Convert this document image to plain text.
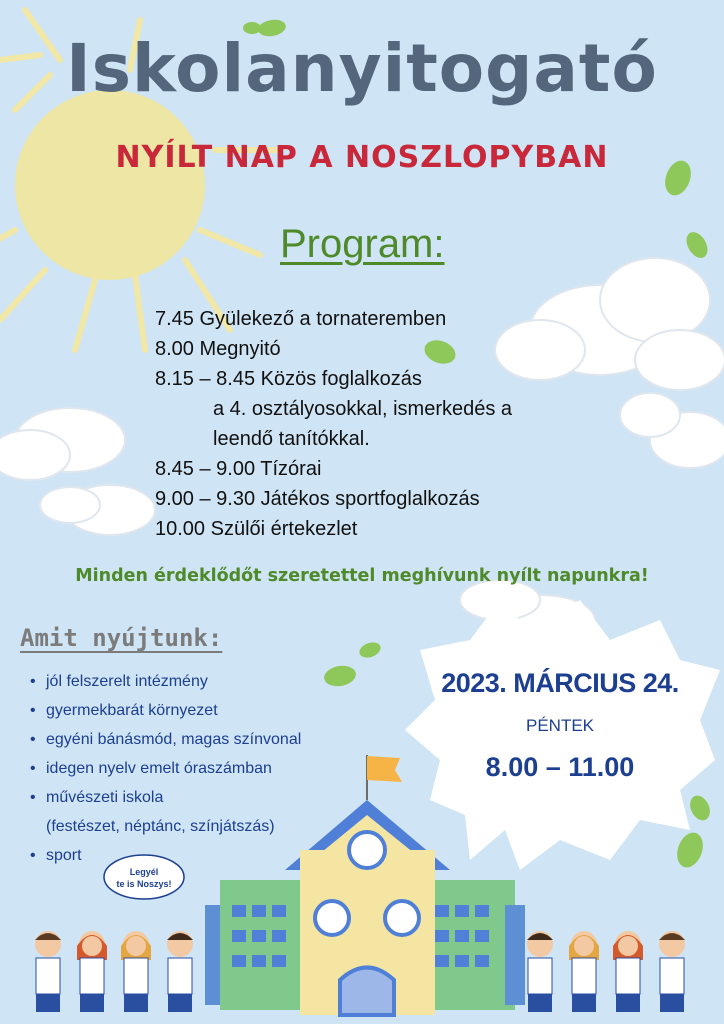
Iskolanyitogató
NYÍLT NAP A NOSZLOPYBAN
Program:
7.45 Gyülekező a tornateremben
8.00 Megnyitó
8.15 – 8.45 Közös foglalkozás
a 4. osztályosokkal, ismerkedés a
leendő tanítókkal.
8.45 – 9.00 Tízórai
9.00 – 9.30 Játékos sportfoglalkozás
10.00 Szülői értekezlet
Minden érdeklődőt szeretettel meghívunk nyílt napunkra!
Amit nyújtunk:
• jól felszerelt intézmény
• gyermekbarát környezet
• egyéni bánásmód, magas színvonal
• idegen nyelv emelt óraszámban
• művészeti iskola
(festészet, néptánc, színjátszás)
• sport
2023. MÁRCIUS 24.
PÉNTEK
8.00 – 11.00
Legyél
te is Noszys!
